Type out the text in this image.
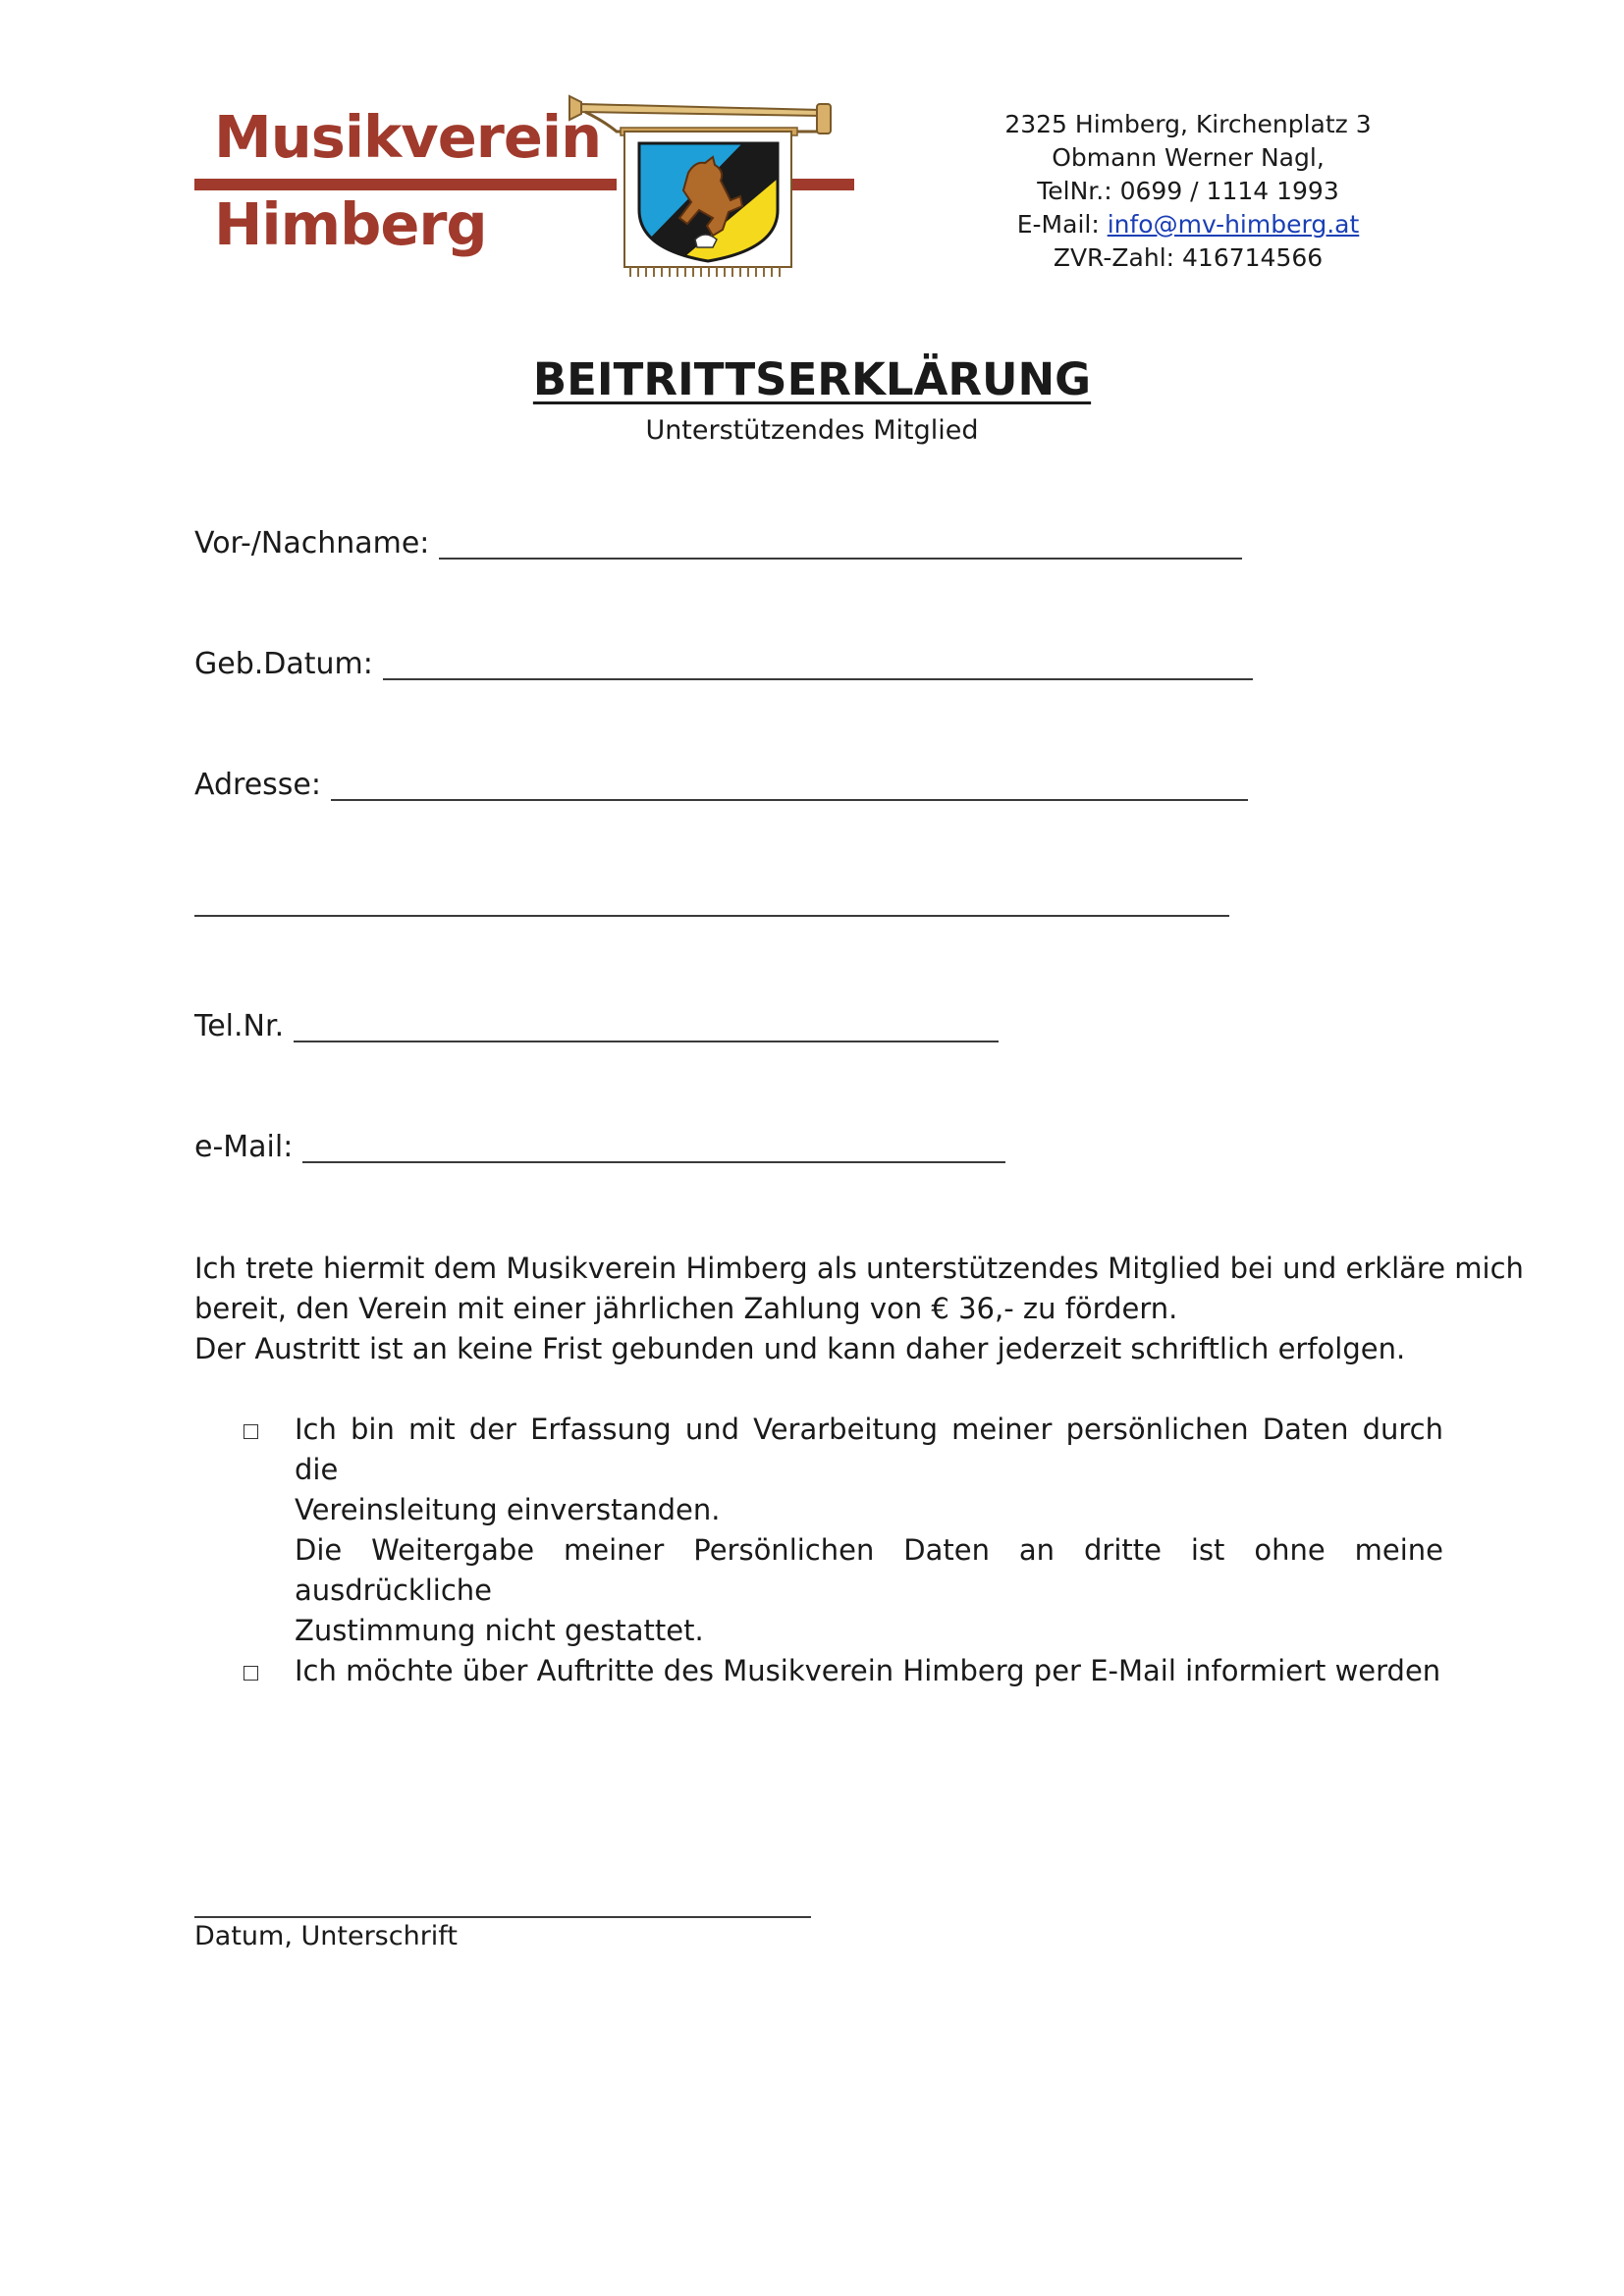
Musikverein
Himberg
2325 Himberg, Kirchenplatz 3
Obmann Werner Nagl,
TelNr.: 0699 / 1114 1993
E-Mail: info@mv-himberg.at
ZVR-Zahl: 416714566
BEITRITTSERKLÄRUNG
Unterstützendes Mitglied
Vor-/Nachname:
Geb.Datum:
Adresse:
Tel.Nr.
e-Mail:
Ich trete hiermit dem Musikverein Himberg als unterstützendes Mitglied bei und erkläre mich
bereit, den Verein mit einer jährlichen Zahlung von € 36,- zu fördern.
Der Austritt ist an keine Frist gebunden und kann daher jederzeit schriftlich erfolgen.
Ich bin mit der Erfassung und Verarbeitung meiner persönlichen Daten durch die
Vereinsleitung einverstanden.
Die Weitergabe meiner Persönlichen Daten an dritte ist ohne meine ausdrückliche
Zustimmung nicht gestattet.
Ich möchte über Auftritte des Musikverein Himberg per E-Mail informiert werden
Datum, Unterschrift
